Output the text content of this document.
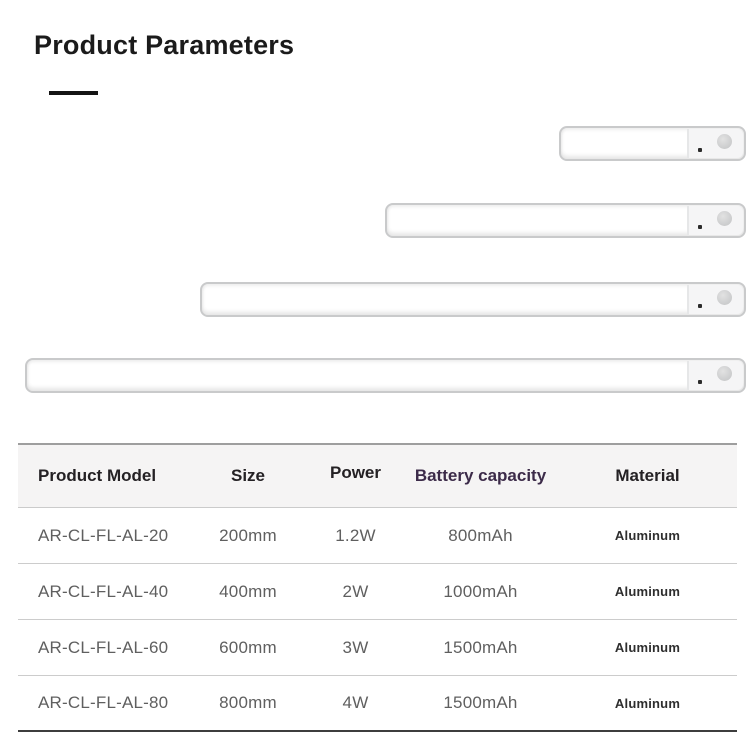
Product Parameters
Product Model	Size	Power	Battery capacity	Material
AR-CL-FL-AL-20	200mm	1.2W	800mAh	Aluminum
AR-CL-FL-AL-40	400mm	2W	1000mAh	Aluminum
AR-CL-FL-AL-60	600mm	3W	1500mAh	Aluminum
AR-CL-FL-AL-80	800mm	4W	1500mAh	Aluminum
